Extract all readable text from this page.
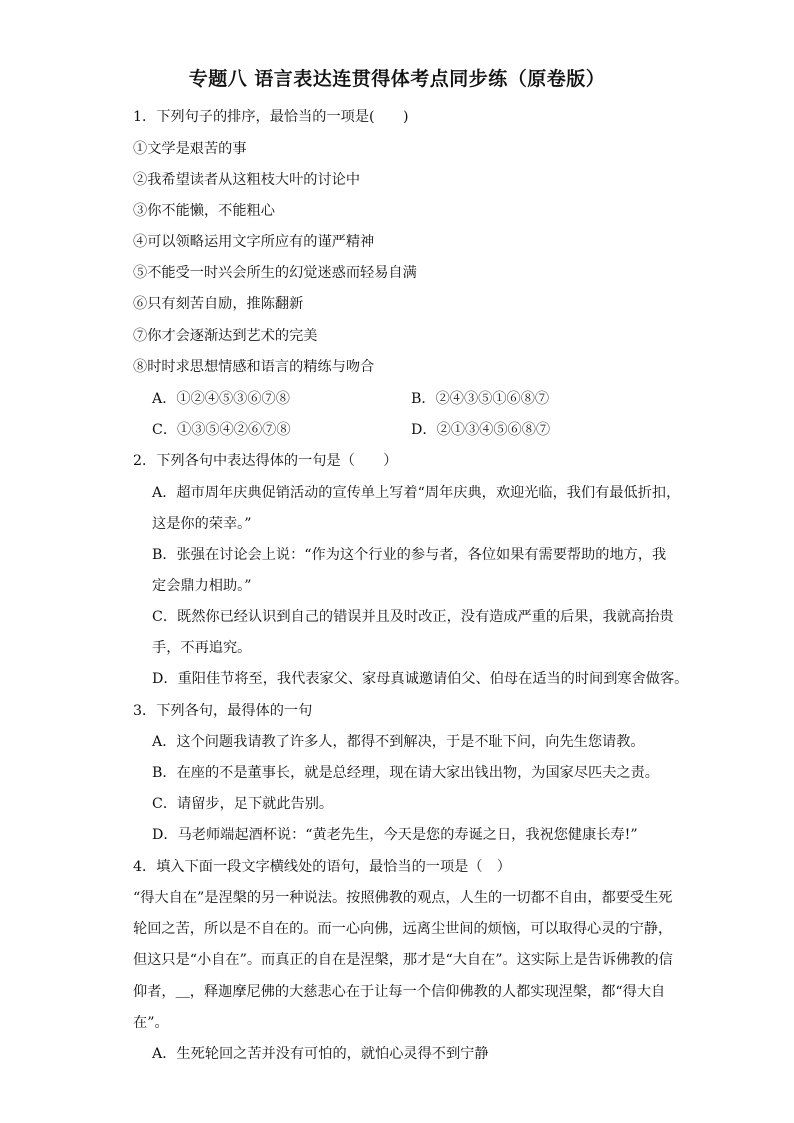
专题八 语言表达连贯得体考点同步练（原卷版）
1．下列句子的排序，最恰当的一项是(　　)
①文学是艰苦的事
②我希望读者从这粗枝大叶的讨论中
③你不能懒，不能粗心
④可以领略运用文字所应有的谨严精神
⑤不能受一时兴会所生的幻觉迷惑而轻易自满
⑥只有刻苦自励，推陈翻新
⑦你才会逐渐达到艺术的完美
⑧时时求思想情感和语言的精练与吻合
A．①②④⑤③⑥⑦⑧	B．②④③⑤①⑥⑧⑦
C．①③⑤④②⑥⑦⑧	D．②①③④⑤⑥⑧⑦
2．下列各句中表达得体的一句是（　　）
A．超市周年庆典促销活动的宣传单上写着“周年庆典，欢迎光临，我们有最低折扣，
这是你的荣幸。”
B．张强在讨论会上说：“作为这个行业的参与者，各位如果有需要帮助的地方，我
定会鼎力相助。”
C．既然你已经认识到自己的错误并且及时改正，没有造成严重的后果，我就高抬贵
手，不再追究。
D．重阳佳节将至，我代表家父、家母真诚邀请伯父、伯母在适当的时间到寒舍做客。
3．下列各句，最得体的一句
A．这个问题我请教了许多人，都得不到解决，于是不耻下问，向先生您请教。
B．在座的不是董事长，就是总经理，现在请大家出钱出物，为国家尽匹夫之责。
C．请留步，足下就此告别。
D．马老师端起酒杯说：“黄老先生，今天是您的寿诞之日，我祝您健康长寿!”
4．填入下面一段文字横线处的语句，最恰当的一项是（　）
“得大自在”是涅槃的另一种说法。按照佛教的观点，人生的一切都不自由，都要受生死
轮回之苦，所以是不自在的。而一心向佛，远离尘世间的烦恼，可以取得心灵的宁静，
但这只是“小自在”。而真正的自在是涅槃，那才是“大自在”。这实际上是告诉佛教的信
仰者，＿，释迦摩尼佛的大慈悲心在于让每一个信仰佛教的人都实现涅槃，都“得大自
在”。
A．生死轮回之苦并没有可怕的，就怕心灵得不到宁静
